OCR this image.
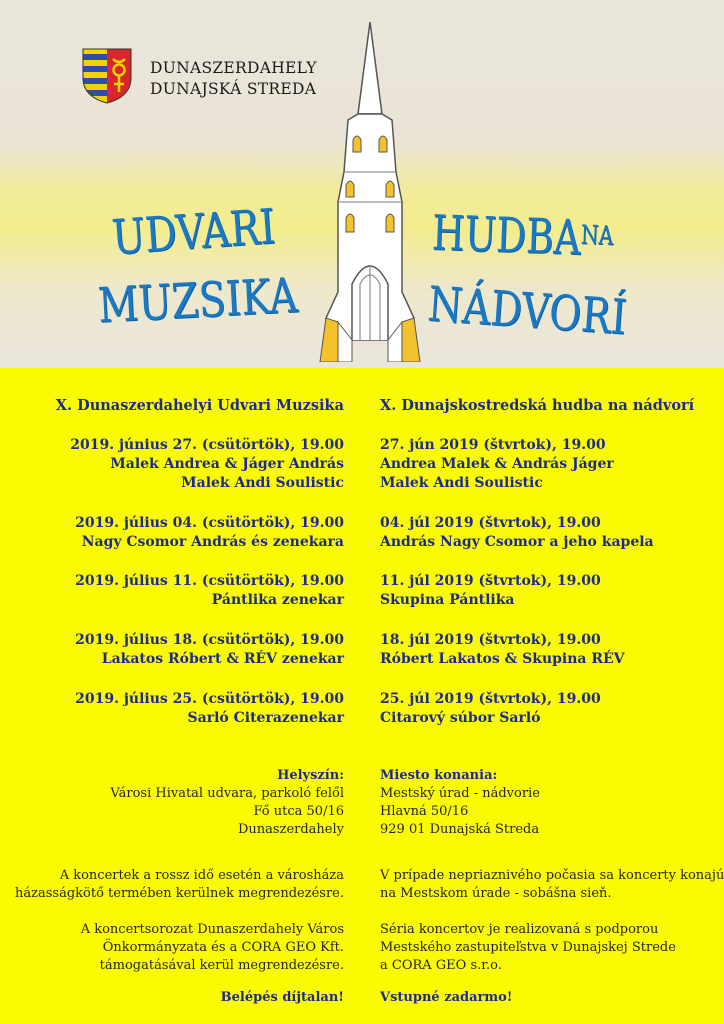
DUNASZERDAHELY
DUNAJSKÁ STREDA
UDVARI
MUZSIKA
$HUDBA^{NA}$
NÁDVORÍ
X. Dunaszerdahelyi Udvari Muzsika
2019. június 27. (csütörtök), 19.00
Malek Andrea & Jáger András
Malek Andi Soulistic
2019. július 04. (csütörtök), 19.00
Nagy Csomor András és zenekara
2019. július 11. (csütörtök), 19.00
Pántlika zenekar
2019. július 18. (csütörtök), 19.00
Lakatos Róbert & RÉV zenekar
2019. július 25. (csütörtök), 19.00
Sarló Citerazenekar
Helyszín:
Városi Hivatal udvara, parkoló felől
Fő utca 50/16
Dunaszerdahely
A koncertek a rossz idő esetén a városháza
házasságkötő termében kerülnek megrendezésre.
A koncertsorozat Dunaszerdahely Város
Önkormányzata és a CORA GEO Kft.
támogatásával kerül megrendezésre.
Belépés díjtalan!
X. Dunajskostredská hudba na nádvorí
27. jún 2019 (štvrtok), 19.00
Andrea Malek & András Jáger
Malek Andi Soulistic
04. júl 2019 (štvrtok), 19.00
András Nagy Csomor a jeho kapela
11. júl 2019 (štvrtok), 19.00
Skupina Pántlika
18. júl 2019 (štvrtok), 19.00
Róbert Lakatos & Skupina RÉV
25. júl 2019 (štvrtok), 19.00
Citarový súbor Sarló
Miesto konania:
Mestský úrad - nádvorie
Hlavná 50/16
929 01 Dunajská Streda
V prípade nepriaznivého počasia sa koncerty konajú
na Mestskom úrade - sobášna sieň.
Séria koncertov je realizovaná s podporou
Mestského zastupiteľstva v Dunajskej Strede
a CORA GEO s.r.o.
Vstupné zadarmo!
